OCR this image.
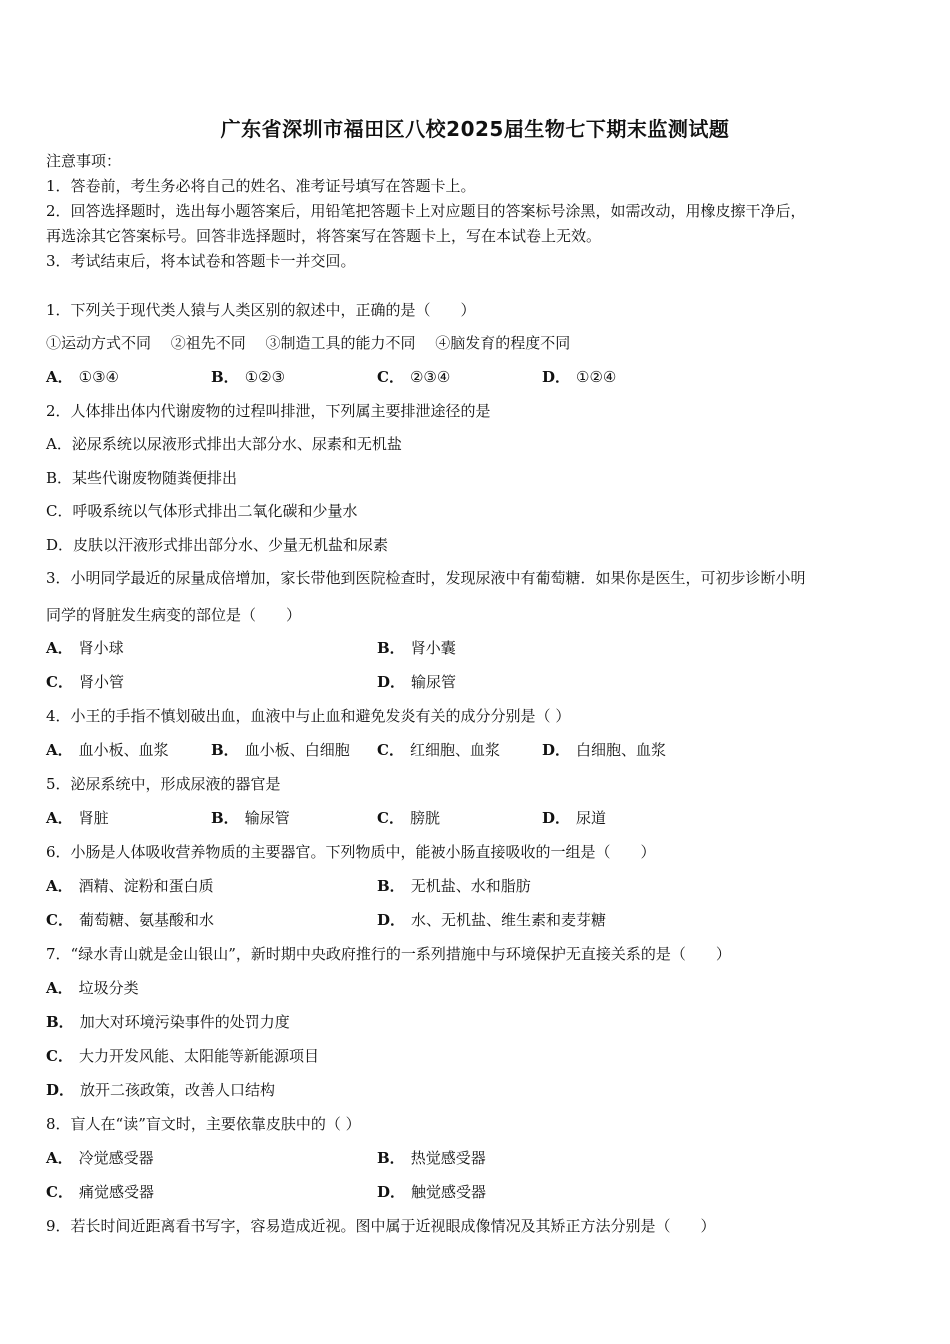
广东省深圳市福田区八校2025届生物七下期末监测试题
注意事项：
1．答卷前，考生务必将自己的姓名、准考证号填写在答题卡上。
2．回答选择题时，选出每小题答案后，用铅笔把答题卡上对应题目的答案标号涂黑，如需改动，用橡皮擦干净后，
再选涂其它答案标号。回答非选择题时，将答案写在答题卡上，写在本试卷上无效。
3．考试结束后，将本试卷和答题卡一并交回。
1．下列关于现代类人猿与人类区别的叙述中，正确的是（　　）
①运动方式不同　 ②祖先不同　 ③制造工具的能力不同　 ④脑发育的程度不同
A． ①③④	B． ①②③	C． ②③④	D． ①②④
2．人体排出体内代谢废物的过程叫排泄，下列属主要排泄途径的是
A．泌尿系统以尿液形式排出大部分水、尿素和无机盐
B．某些代谢废物随粪便排出
C．呼吸系统以气体形式排出二氧化碳和少量水
D．皮肤以汗液形式排出部分水、少量无机盐和尿素
3．小明同学最近的尿量成倍增加，家长带他到医院检查时，发现尿液中有葡萄糖．如果你是医生，可初步诊断小明
同学的肾脏发生病变的部位是（　　）
A． 肾小球	B． 肾小囊
C． 肾小管	D． 输尿管
4．小王的手指不慎划破出血，血液中与止血和避免发炎有关的成分分别是（ ）
A． 血小板、血浆	B． 血小板、白细胞 C． 红细胞、血浆	D． 白细胞、血浆
5．泌尿系统中，形成尿液的器官是
A． 肾脏	B． 输尿管	C． 膀胱	D． 尿道
6．小肠是人体吸收营养物质的主要器官。下列物质中，能被小肠直接吸收的一组是（　　）
A． 酒精、淀粉和蛋白质	B． 无机盐、水和脂肪
C． 葡萄糖、氨基酸和水	D． 水、无机盐、维生素和麦芽糖
7．“绿水青山就是金山银山”，新时期中央政府推行的一系列措施中与环境保护无直接关系的是（　　）
A． 垃圾分类
B． 加大对环境污染事件的处罚力度
C． 大力开发风能、太阳能等新能源项目
D． 放开二孩政策，改善人口结构
8．盲人在“读”盲文时，主要依靠皮肤中的（ ）
A． 冷觉感受器	B． 热觉感受器
C． 痛觉感受器	D． 触觉感受器
9．若长时间近距离看书写字，容易造成近视。图中属于近视眼成像情况及其矫正方法分别是（　　）
